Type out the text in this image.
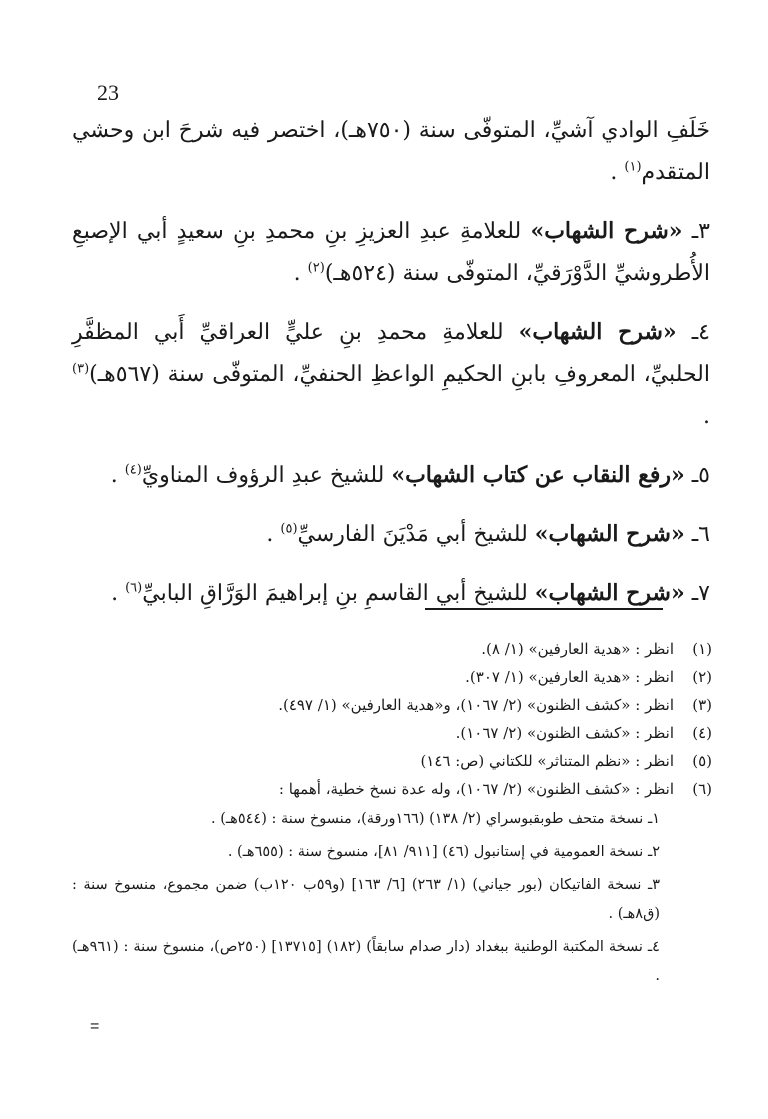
23

خَلَفِ الوادي آشيِّ، المتوفّى سنة (٧٥٠هـ)، اختصر فيه شرحَ ابن وحشي المتقدم$^{(١)}$ .

٣ـ «شرح الشهاب» للعلامةِ عبدِ العزيزِ بنِ محمدِ بنِ سعيدٍ أبي الإصبعِ الأُطروشيِّ الدَّوْرَقيِّ، المتوفّى سنة (٥٢٤هـ)$^{(٢)}$ .

٤ـ «شرح الشهاب» للعلامةِ محمدِ بنِ عليٍّ العراقيِّ أَبي المظفَّرِ الحلبيِّ، المعروفِ بابنِ الحكيمِ الواعظِ الحنفيِّ، المتوفّى سنة (٥٦٧هـ)$^{(٣)}$ .

٥ـ «رفع النقاب عن كتاب الشهاب» للشيخ عبدِ الرؤوف المناويِّ$^{(٤)}$ .

٦ـ «شرح الشهاب» للشيخ أبي مَدْيَنَ الفارسيِّ$^{(٥)}$ .

٧ـ «شرح الشهاب» للشيخ أبي القاسمِ بنِ إبراهيمَ الوَرَّاقِ البابيِّ$^{(٦)}$ .

(١)انظر : «هدية العارفين» (١/ ٨).
(٢)انظر : «هدية العارفين» (١/ ٣٠٧).
(٣)انظر : «كشف الظنون» (٢/ ١٠٦٧)، و«هدية العارفين» (١/ ٤٩٧).
(٤)انظر : «كشف الظنون» (٢/ ١٠٦٧).
(٥)انظر : «نظم المتناثر» للكتاني (ص: ١٤٦)
(٦)انظر : «كشف الظنون» (٢/ ١٠٦٧)، وله عدة نسخ خطية، أهمها :
١ـ نسخة متحف طوبقبوسراي (٢/ ١٣٨) (١٦٦ورقة)، منسوخ سنة : (٥٤٤هـ) .
٢ـ نسخة العمومية في إستانبول (٤٦) [٩١١/ ٨١]، منسوخ سنة : (٦٥٥هـ) .
٣ـ نسخة الفاتيكان (بور جياني) (١/ ٢٦٣) [٦/ ١٦٣] (و٥٩ب ١٢٠ب) ضمن مجموع، منسوخ سنة : (ق٨هـ) .
٤ـ نسخة المكتبة الوطنية ببغداد (دار صدام سابقاً) (١٨٢) [١٣٧١٥] (٢٥٠ص)، منسوخ سنة : (٩٦١هـ) .
=
